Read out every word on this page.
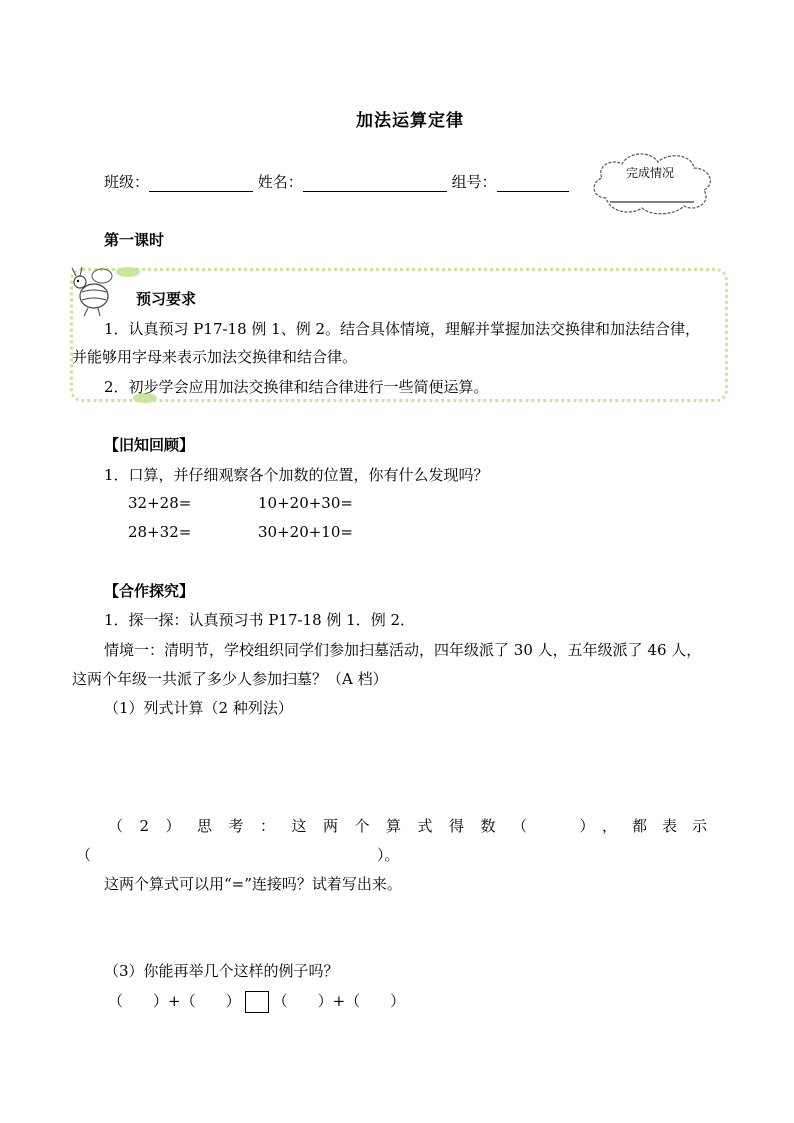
加法运算定律
班级：	姓名：	组号：	完成情况
第一课时
预习要求
1．认真预习 P17-18 例 1、例 2。结合具体情境，理解并掌握加法交换律和加法结合律，
并能够用字母来表示加法交换律和结合律。
2．初步学会应用加法交换律和结合律进行一些简便运算。
【旧知回顾】
1．口算，并仔细观察各个加数的位置，你有什么发现吗？
32+28=	10+20+30=
28+32=	30+20+10=
【合作探究】
1．探一探：认真预习书 P17-18 例 1．例 2．
情境一：清明节，学校组织同学们参加扫墓活动，四年级派了 30 人，五年级派了 46 人，
这两个年级一共派了多少人参加扫墓？（A 档）
（1）列式计算（2 种列法）
（2）思考：这两个算式得数（ ），都表示
（	）。
这两个算式可以用“=”连接吗？试着写出来。
（3）你能再举几个这样的例子吗？
（　　）+（　　） （　　）+（　　）
